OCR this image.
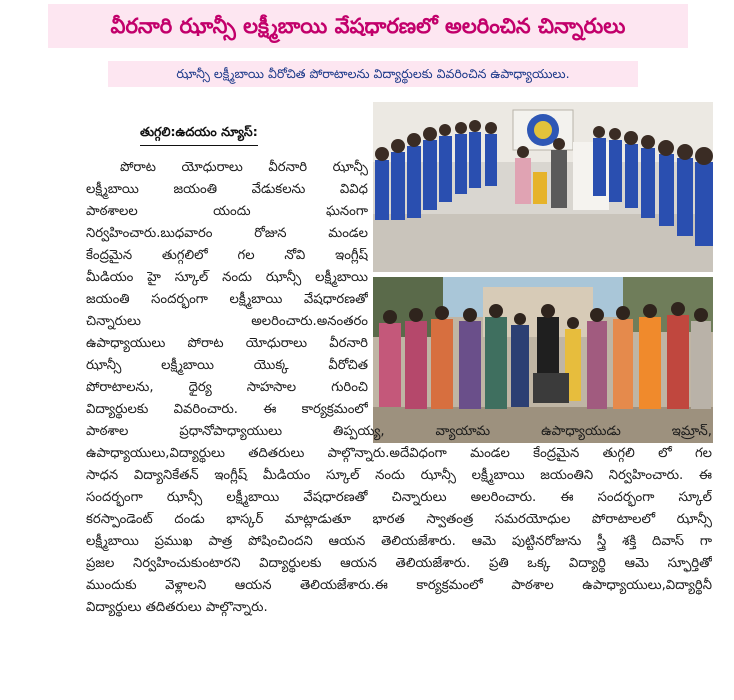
వీరనారి ఝాన్సీ లక్ష్మీబాయి వేషధారణలో అలరించిన చిన్నారులు
ఝాన్సీ లక్ష్మీబాయి వీరోచిత పోరాటాలను విద్యార్థులకు వివరించిన ఉపాధ్యాయులు.
తుగ్గలి:ఉదయం న్యూస్:
పోరాట యోధురాలు వీరనారి ఝాన్సీ
లక్ష్మీబాయి జయంతి వేడుకలను వివిధ
పాఠశాలల యందు ఘనంగా
నిర్వహించారు.బుధవారం రోజున మండల
కేంద్రమైన తుగ్గలిలో గల నోవి ఇంగ్లీష్
మీడియం హై స్కూల్ నందు ఝాన్సీ లక్ష్మీబాయి
జయంతి సందర్భంగా లక్ష్మీబాయి వేషధారణతో
చిన్నారులు అలరించారు.అనంతరం
ఉపాధ్యాయులు పోరాట యోధురాలు వీరనారి
ఝాన్సీ లక్ష్మీబాయి యొక్క వీరోచిత
పోరాటాలను, ధైర్య సాహసాల గురించి
విద్యార్థులకు వివరించారు. ఈ కార్యక్రమంలో
పాఠశాల ప్రధానోపాధ్యాయులు తిప్పయ్య, వ్యాయామ ఉపాధ్యాయుడు ఇమ్రాన్,
ఉపాధ్యాయులు,విద్యార్థులు తదితరులు పాల్గొన్నారు.అదేవిధంగా మండల కేంద్రమైన తుగ్గలి లో గల
సాధన విద్యానికేతన్ ఇంగ్లీష్ మీడియం స్కూల్ నందు ఝాన్సీ లక్ష్మీబాయి జయంతిని నిర్వహించారు. ఈ
సందర్భంగా ఝాన్సీ లక్ష్మీబాయి వేషధారణతో చిన్నారులు అలరించారు. ఈ సందర్భంగా స్కూల్
కరస్పాండెంట్ దండు భాస్కర్ మాట్లాడుతూ భారత స్వాతంత్ర సమరయోధుల పోరాటాలలో ఝాన్సీ
లక్ష్మీబాయి ప్రముఖ పాత్ర పోషించిందని ఆయన తెలియజేశారు. ఆమె పుట్టినరోజును స్త్రీ శక్తి దివాస్ గా
ప్రజల నిర్వహించుకుంటారని విద్యార్థులకు ఆయన తెలియజేశారు. ప్రతి ఒక్క విద్యార్థి ఆమె స్ఫూర్తితో
ముందుకు వెళ్లాలని ఆయన తెలియజేశారు.ఈ కార్యక్రమంలో పాఠశాల ఉపాధ్యాయులు,విద్యార్థినీ
విద్యార్థులు తదితరులు పాల్గొన్నారు.
